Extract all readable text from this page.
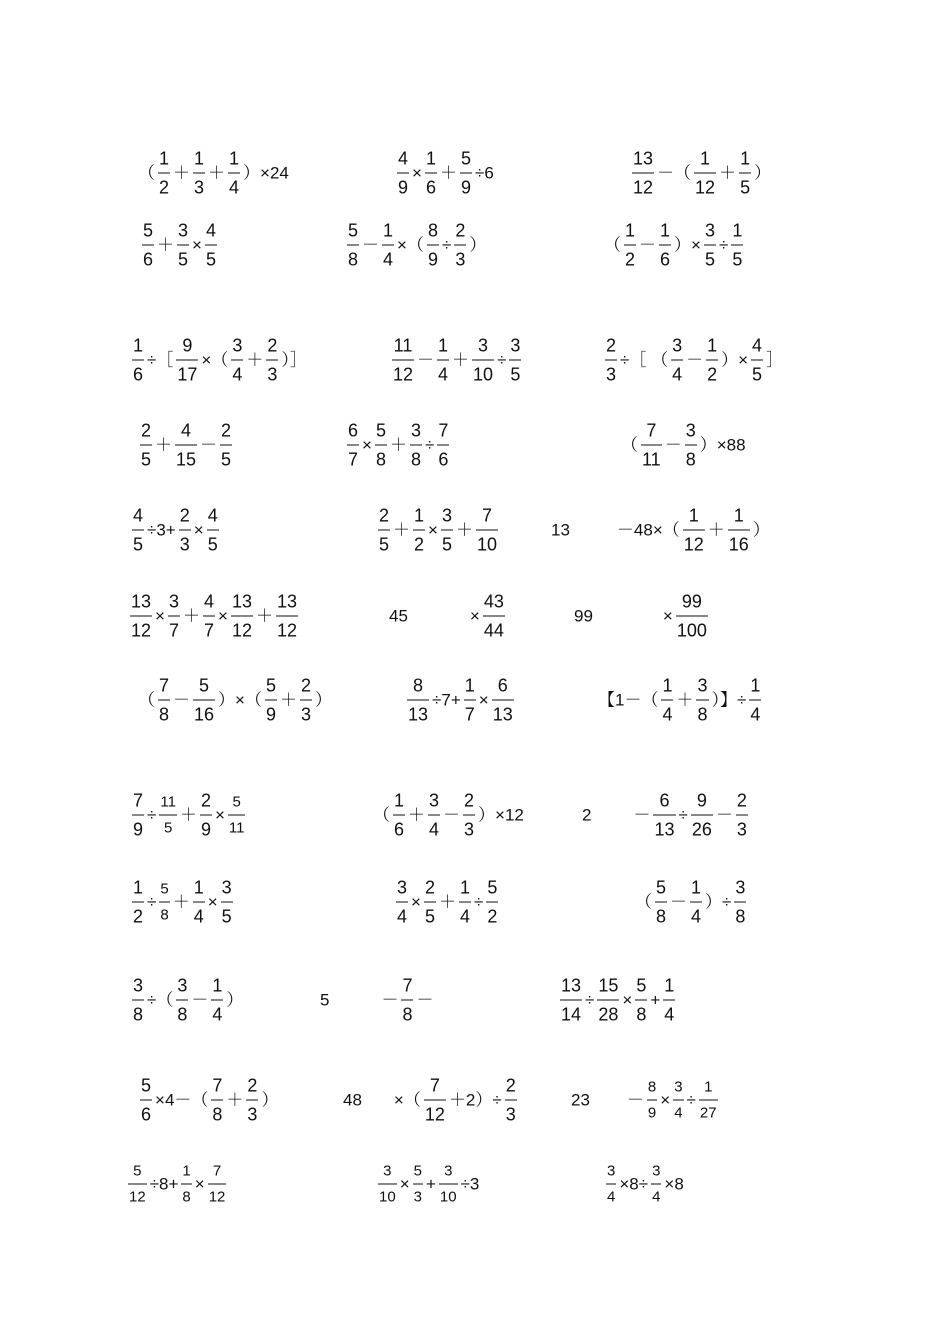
（ $\frac{1}{2} + \frac{1}{3} + \frac{1}{4} )\times 24$	$\frac{4}{9} \times \frac{1}{6} + \frac{5}{9} \div 6$	$\frac{13}{12}$ －（ $\frac{1}{12} + \frac{1}{5}$ ）
$\frac{5}{6} + \frac{3}{5} \times \frac{4}{5}$	$\frac{5}{8} - \frac{1}{4}$ ×（ $\frac{8}{9} \div \frac{2}{3}$ ）	（ $\frac{1}{2} - \frac{1}{6}$ ）× $\frac{3}{5} \div \frac{1}{5}$
$\frac{1}{6}$ ÷［ $\frac{9}{17}$ ×（ $\frac{3}{4} + \frac{2}{3}$ ）］	$\frac{11}{12} - \frac{1}{4} + \frac{3}{10} \div \frac{3}{5}$	$\frac{2}{3}$ ÷［ （ $\frac{3}{4} - \frac{1}{2}$ ）× $\frac{4}{5}$ ］
$\frac{2}{5} + \frac{4}{15} - \frac{2}{5}$	$\frac{6}{7} \times \frac{5}{8} + \frac{3}{8} \div \frac{7}{6}$	（ $\frac{7}{11} - \frac{3}{8} )\times 88$
$\frac{4}{5} \div 3+ \frac{2}{3} \times \frac{4}{5}$	$\frac{2}{5} + \frac{1}{2} \times \frac{3}{5} + \frac{7}{10}$	13	$-48\times( \frac{1}{12} + \frac{1}{16}$ ）
$\frac{13}{12} \times \frac{3}{7} + \frac{4}{7} \times \frac{13}{12} + \frac{13}{12}$	45	× $\frac{43}{44}$	99	× $\frac{99}{100}$
（ $\frac{7}{8} - \frac{5}{16}$ ）×（ $\frac{5}{9} + \frac{2}{3}$ ）	$\frac{8}{13} \div 7+ \frac{1}{7} \times \frac{6}{13}$	【$1-( \frac{1}{4} + \frac{3}{8}$ ）】÷ $\frac{1}{4}$
$\frac{7}{9} \div \frac{11}{5} + \frac{2}{9} \times \frac{5}{11}$	（ $\frac{1}{6} + \frac{3}{4} - \frac{2}{3} )\times 12$	$2 - \frac{6}{13} \div \frac{9}{26} - \frac{2}{3}$
$\frac{1}{2} \div \frac{5}{8} + \frac{1}{4} \times \frac{3}{5}$	$\frac{3}{4} \times \frac{2}{5} + \frac{1}{4} \div \frac{5}{2}$	（ $\frac{5}{8} - \frac{1}{4}$ ）÷ $\frac{3}{8}$
$\frac{3}{8}$ ÷（ $\frac{3}{8} - \frac{1}{4}$ ）	5	－ $\frac{7}{8}$ －	$\frac{13}{14} \div \frac{15}{28} \times \frac{5}{8} + \frac{1}{4}$
$\frac{5}{6} \times 4-( \frac{7}{8} + \frac{2}{3}$ ）	48 ×（ $\frac{7}{12} +2)\div \frac{2}{3}$	$23 - \frac{8}{9} \times \frac{3}{4} \div \frac{1}{27}$
$\frac{5}{12} \div 8+ \frac{1}{8} \times \frac{7}{12}$	$\frac{3}{10} \times \frac{5}{3} + \frac{3}{10} \div 3$	$\frac{3}{4} \times 8\div \frac{3}{4} \times 8$
